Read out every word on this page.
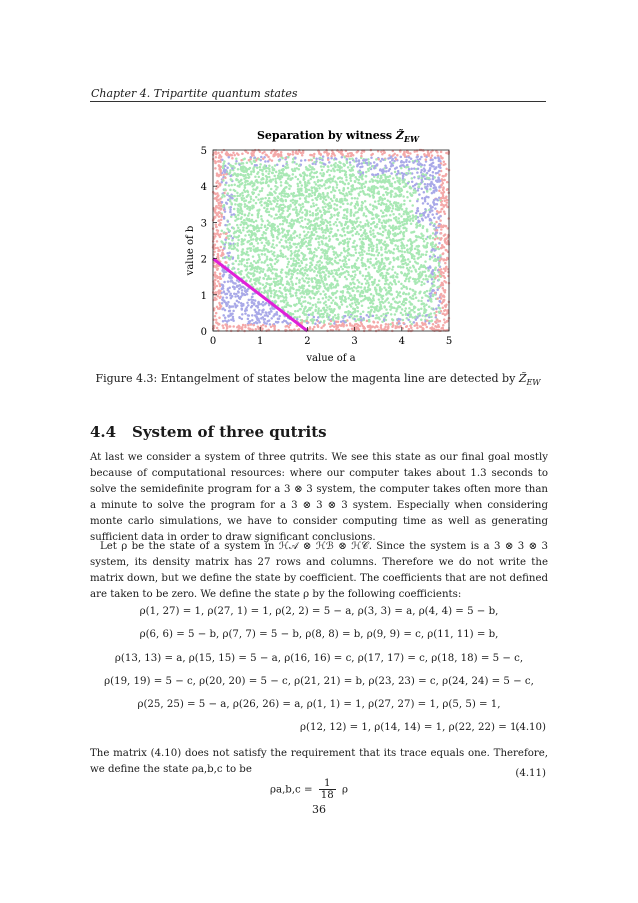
Chapter 4. Tripartite quantum states
Separation by witness $Z̃_{EW}$
0	1	2	3	4	5
0
1
2
3
4
5
value of a
value of b
Figure 4.3: Entangelment of states below the magenta line are detected by $Z̃_{EW}$
4.4 System of three qutrits

At last we consider a system of three qutrits. We see this state as our final goal mostly because of computational resources: where our computer takes about 1.3 seconds to solve the semidefinite program for a 3 ⊗ 3 system, the computer takes often more than a minute to solve the program for a 3 ⊗ 3 ⊗ 3 system. Especially when considering monte carlo simulations, we have to consider computing time as well as generating sufficient data in order to draw significant conclusions.

Let ρ be the state of a system in ℋ𝒜 ⊗ ℋℬ ⊗ ℋ𝒞. Since the system is a 3 ⊗ 3 ⊗ 3 system, its density matrix has 27 rows and columns. Therefore we do not write the matrix down, but we define the state by coefficient. The coefficients that are not defined are taken to be zero. We define the state ρ by the following coefficients:

ρ(1, 27) = 1, ρ(27, 1) = 1, ρ(2, 2) = 5 − a, ρ(3, 3) = a, ρ(4, 4) = 5 − b,
ρ(6, 6) = 5 − b, ρ(7, 7) = 5 − b, ρ(8, 8) = b, ρ(9, 9) = c, ρ(11, 11) = b,
ρ(13, 13) = a, ρ(15, 15) = 5 − a, ρ(16, 16) = c, ρ(17, 17) = c, ρ(18, 18) = 5 − c,
ρ(19, 19) = 5 − c, ρ(20, 20) = 5 − c, ρ(21, 21) = b, ρ(23, 23) = c, ρ(24, 24) = 5 − c,
ρ(25, 25) = 5 − a, ρ(26, 26) = a, ρ(1, 1) = 1, ρ(27, 27) = 1, ρ(5, 5) = 1,
ρ(12, 12) = 1, ρ(14, 14) = 1, ρ(22, 22) = 1.
(4.10)

The matrix (4.10) does not satisfy the requirement that its trace equals one. Therefore, we define the state ρa,b,c to be

$\rho a,b,c = \frac{1}{18}$ ρ
(4.11)
36
